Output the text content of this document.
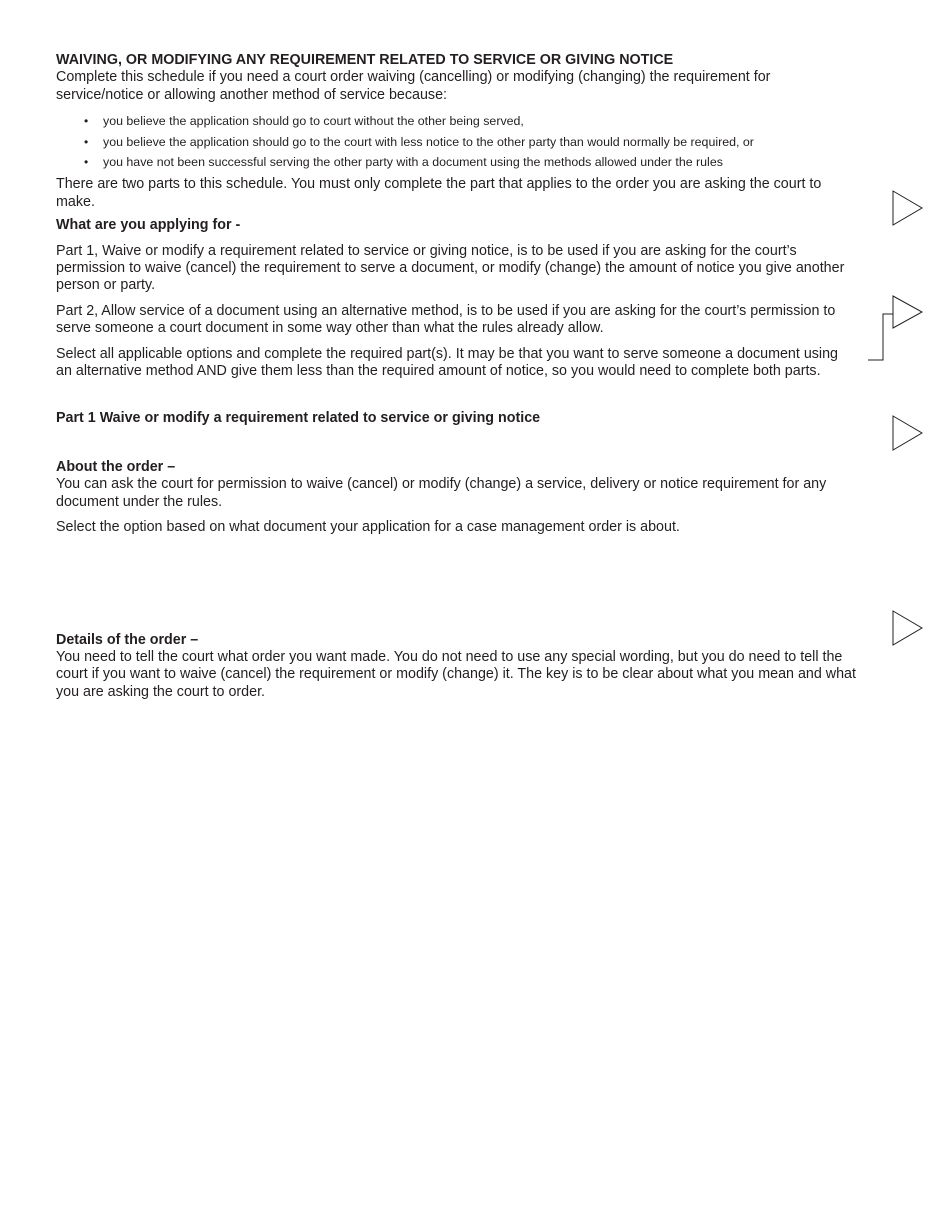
WAIVING, OR MODIFYING ANY REQUIREMENT RELATED TO SERVICE OR GIVING NOTICE

Complete this schedule if you need a court order waiving (cancelling) or modifying (changing) the requirement for service/notice or allowing another method of service because:

• you believe the application should go to court without the other being served,
• you believe the application should go to the court with less notice to the other party than would normally be required, or
• you have not been successful serving the other party with a document using the methods allowed under the rules

There are two parts to this schedule. You must only complete the part that applies to the order you are asking the court to make.

What are you applying for -

Part 1, Waive or modify a requirement related to service or giving notice, is to be used if you are asking for the court’s permission to waive (cancel) the requirement to serve a document, or modify (change) the amount of notice you give another person or party.

Part 2, Allow service of a document using an alternative method, is to be used if you are asking for the court’s permission to serve someone a court document in some way other than what the rules already allow.

Select all applicable options and complete the required part(s). It may be that you want to serve someone a document using an alternative method AND give them less than the required amount of notice, so you would need to complete both parts.

Part 1 Waive or modify a requirement related to service or giving notice

About the order –

You can ask the court for permission to waive (cancel) or modify (change) a service, delivery or notice requirement for any document under the rules.

Select the option based on what document your application for a case management order is about.

Details of the order –

You need to tell the court what order you want made. You do not need to use any special wording, but you do need to tell the court if you want to waive (cancel) the requirement or modify (change) it. The key is to be clear about what you mean and what you are asking the court to order.
